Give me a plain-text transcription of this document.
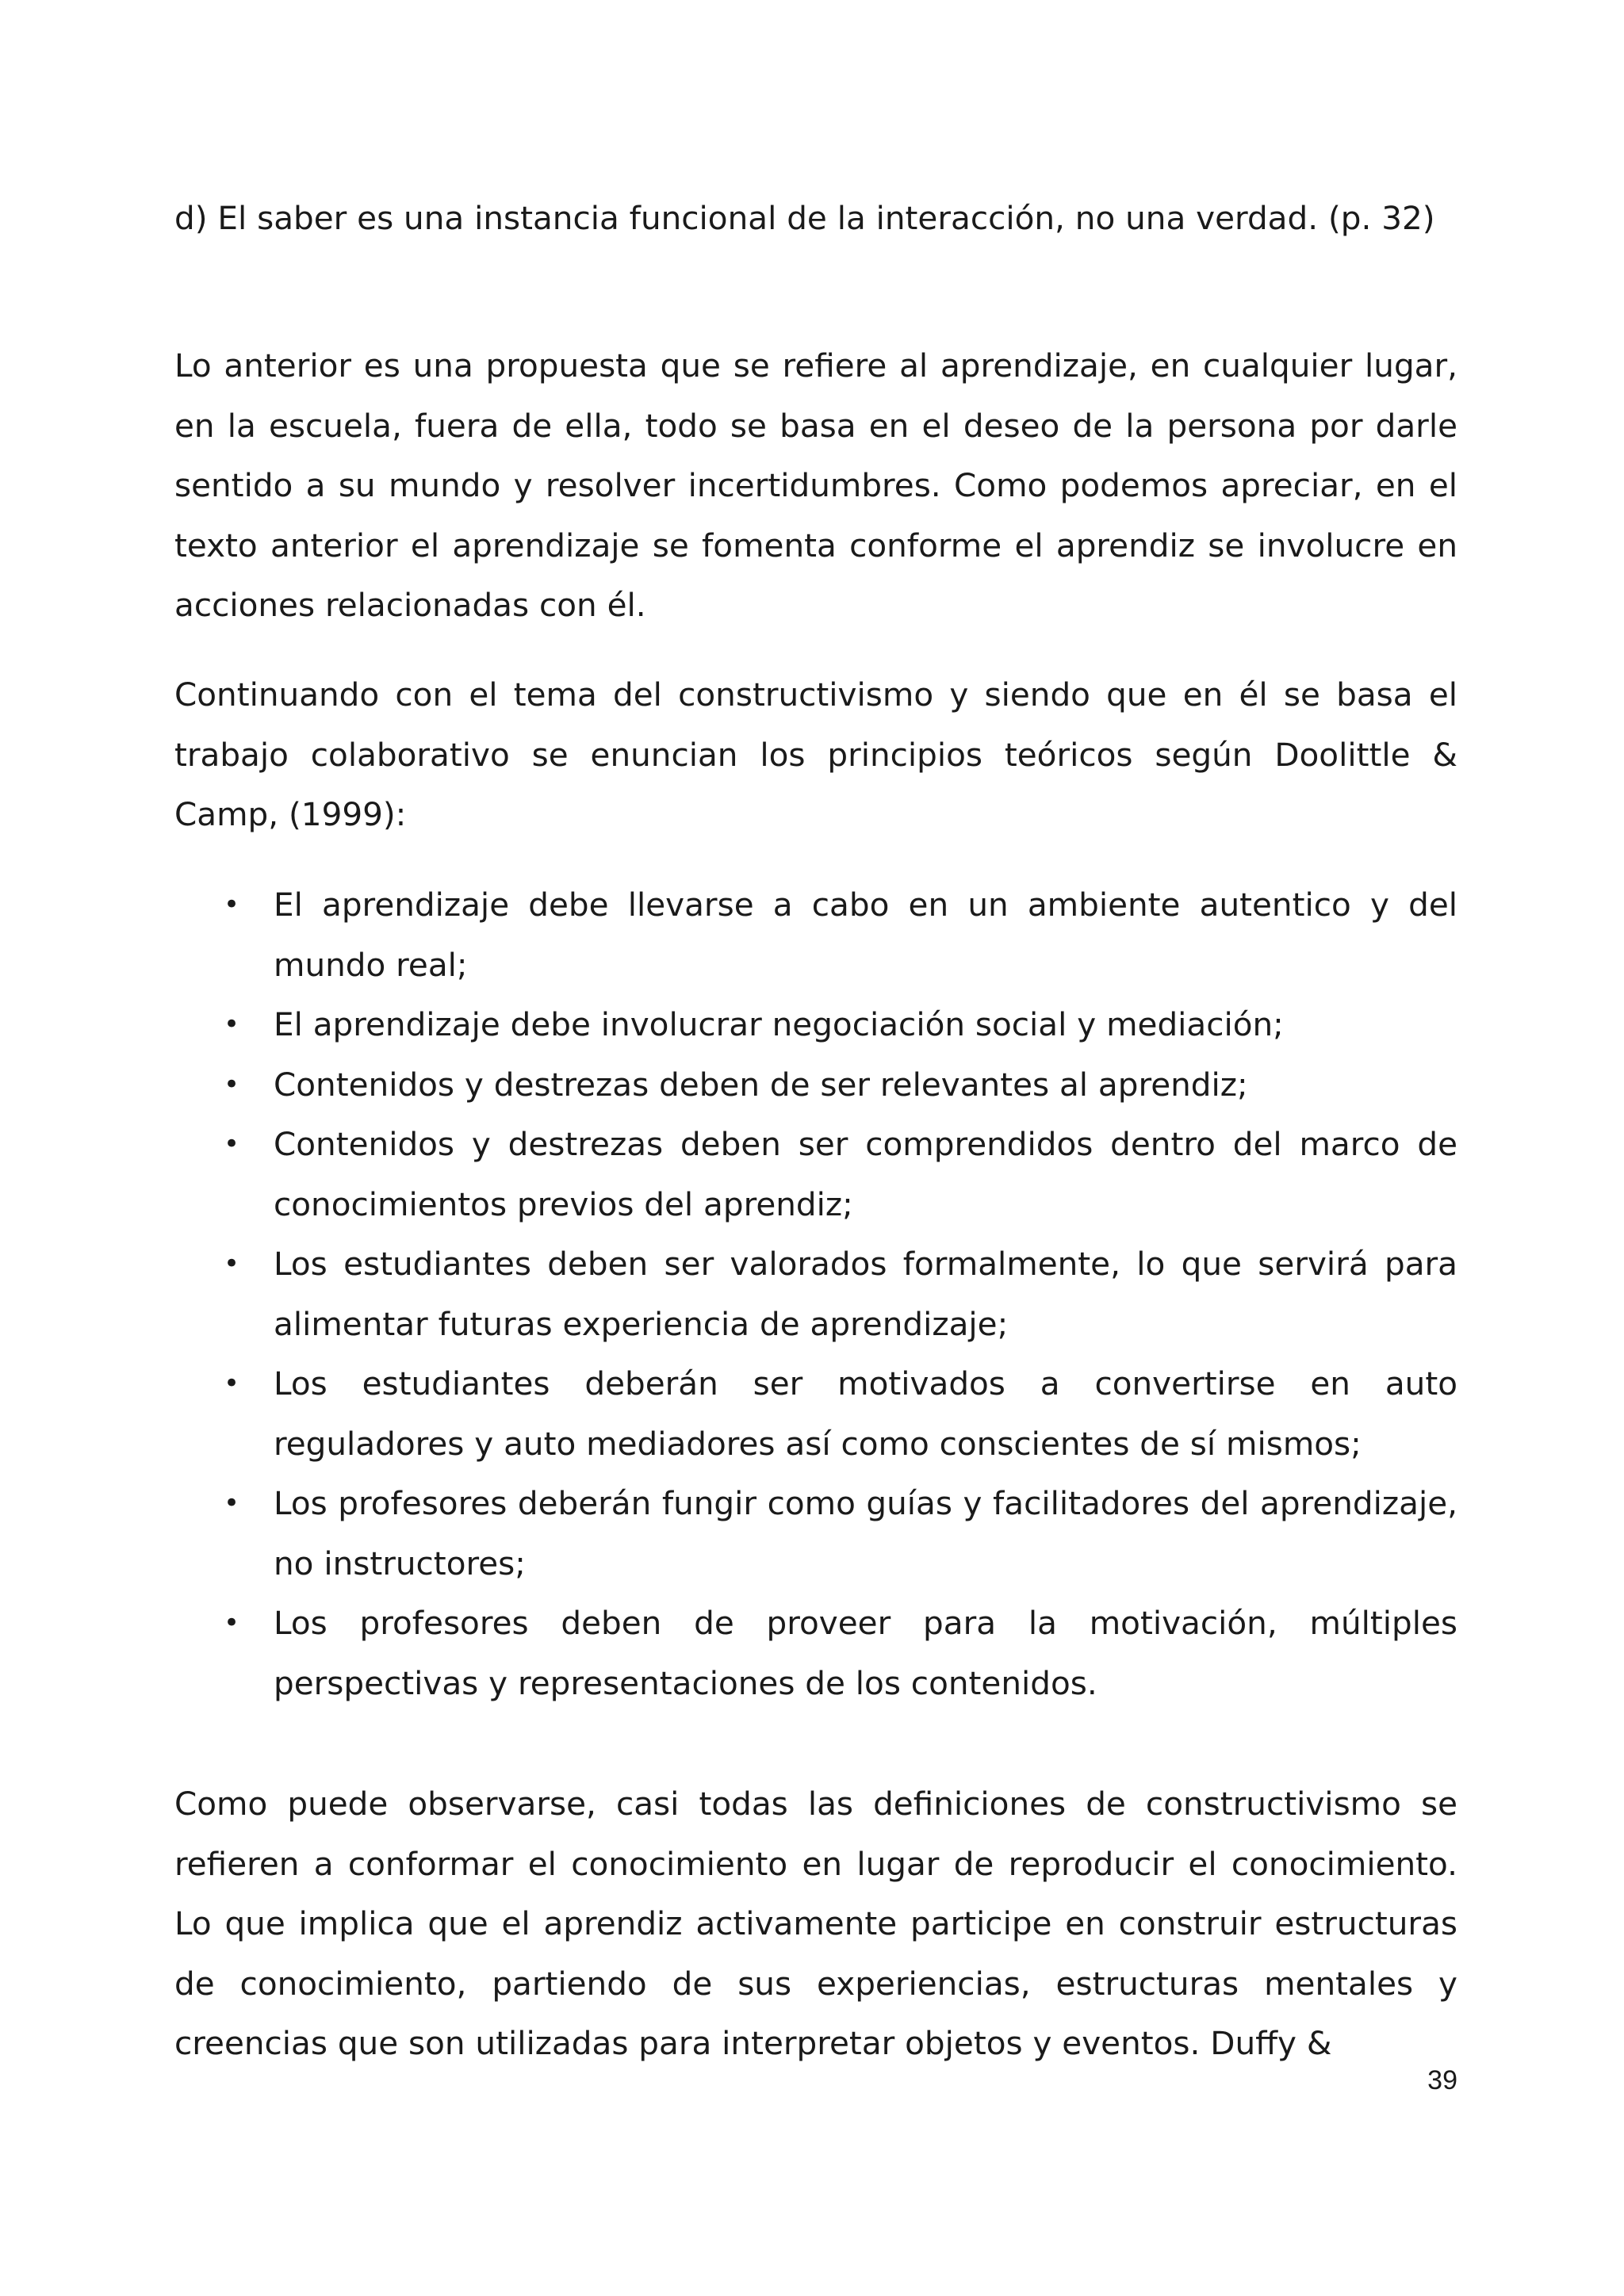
d) El saber es una instancia funcional de la interacción, no una verdad. (p. 32)

Lo anterior es una propuesta que se refiere al aprendizaje, en cualquier lugar, en la escuela, fuera de ella, todo se basa en el deseo de la persona por darle sentido a su mundo y resolver incertidumbres. Como podemos apreciar, en el texto anterior el aprendizaje se fomenta conforme el aprendiz se involucre en acciones relacionadas con él.

Continuando con el tema del constructivismo y siendo que en él se basa el trabajo colaborativo se enuncian los principios teóricos según Doolittle & Camp, (1999):

• El aprendizaje debe llevarse a cabo en un ambiente autentico y del mundo real;
• El aprendizaje debe involucrar negociación social y mediación;
• Contenidos y destrezas deben de ser relevantes al aprendiz;
• Contenidos y destrezas deben ser comprendidos dentro del marco de conocimientos previos del aprendiz;
• Los estudiantes deben ser valorados formalmente, lo que servirá para alimentar futuras experiencia de aprendizaje;
• Los estudiantes deberán ser motivados a convertirse en auto reguladores y auto mediadores así como conscientes de sí mismos;
• Los profesores deberán fungir como guías y facilitadores del aprendizaje, no instructores;
• Los profesores deben de proveer para la motivación, múltiples perspectivas y representaciones de los contenidos.

Como puede observarse, casi todas las definiciones de constructivismo se refieren a conformar el conocimiento en lugar de reproducir el conocimiento. Lo que implica que el aprendiz activamente participe en construir estructuras de conocimiento, partiendo de sus experiencias, estructuras mentales y creencias que son utilizadas para interpretar objetos y eventos. Duffy &

39
